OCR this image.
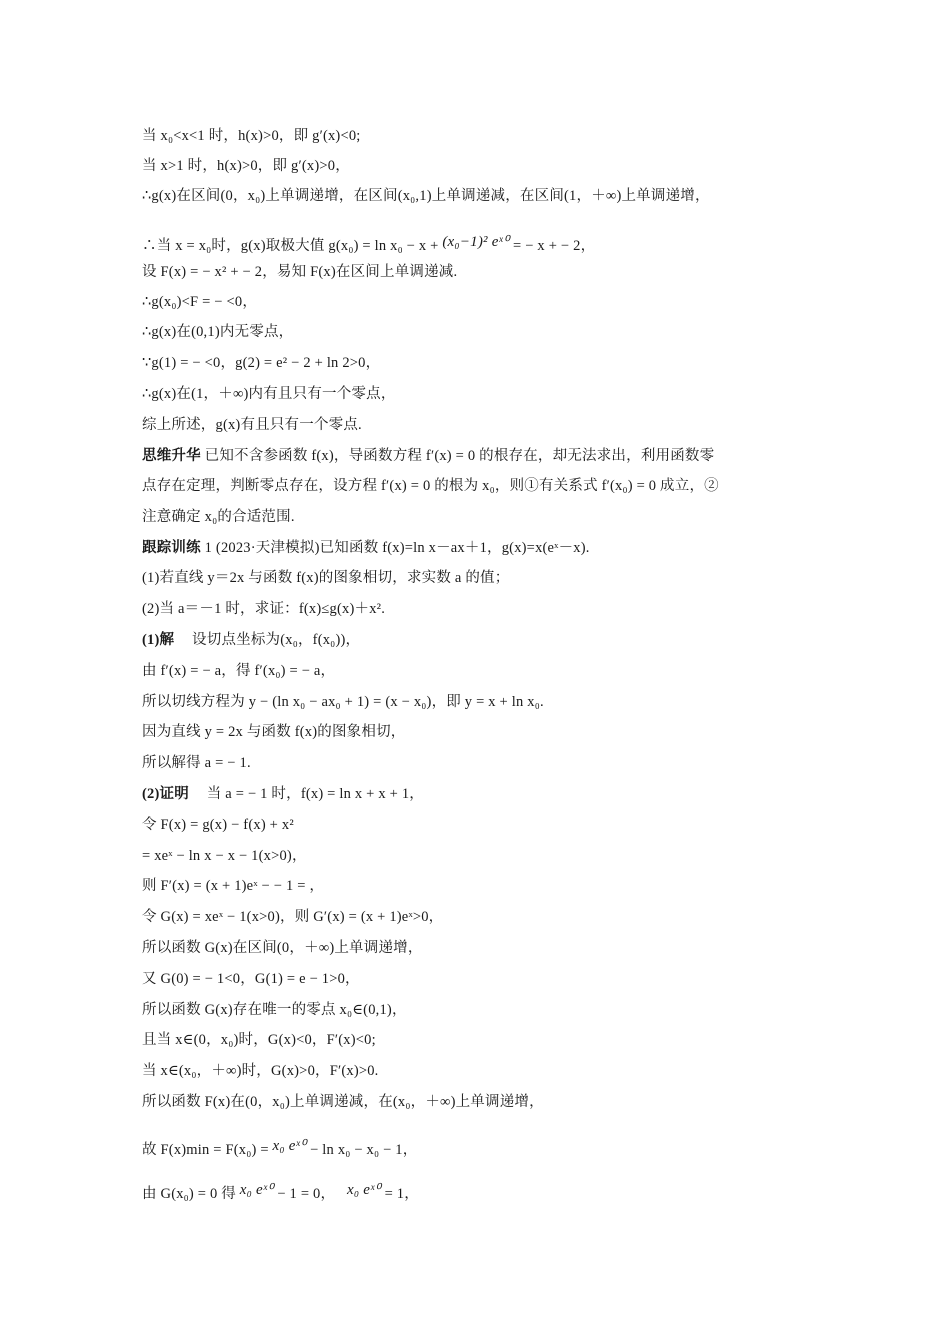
当 x₀<x<1 时，h(x)>0，即 g′(x)<0;
当 x>1 时，h(x)>0，即 g′(x)>0，
∴g(x)在区间(0，x₀)上单调递增，在区间(x₀,1)上单调递减，在区间(1，＋∞)上单调递增，
∴当 x = x₀时，g(x)取极大值 g(x₀) = ln x₀ − x + (x₀−1)² eˣ⁰ = − x + − 2，
设 F(x) = − x² + − 2，易知 F(x)在区间上单调递减.
∴g(x₀)<F = − <0，
∴g(x)在(0,1)内无零点，
∵g(1) = − <0，g(2) = e² − 2 + ln 2>0，
∴g(x)在(1，＋∞)内有且只有一个零点，
综上所述，g(x)有且只有一个零点.
思维升华 已知不含参函数 f(x)，导函数方程 f′(x) = 0 的根存在，却无法求出，利用函数零
点存在定理，判断零点存在，设方程 f′(x) = 0 的根为 x₀，则①有关系式 f′(x₀) = 0 成立，②
注意确定 x₀的合适范围.
跟踪训练 1 (2023·天津模拟)已知函数 f(x)=ln x－ax＋1，g(x)=x(eˣ－x).
(1)若直线 y＝2x 与函数 f(x)的图象相切，求实数 a 的值；
(2)当 a＝－1 时，求证：f(x)≤g(x)＋x².
(1)解 设切点坐标为(x₀，f(x₀))，
由 f′(x) = − a，得 f′(x₀) = − a，
所以切线方程为 y − (ln x₀ − ax₀ + 1) = (x − x₀)，即 y = x + ln x₀.
因为直线 y = 2x 与函数 f(x)的图象相切，
所以解得 a = − 1.
(2)证明 当 a = − 1 时，f(x) = ln x + x + 1，
令 F(x) = g(x) − f(x) + x²
= xeˣ − ln x − x − 1(x>0)，
则 F′(x) = (x + 1)eˣ − − 1 = ，
令 G(x) = xeˣ − 1(x>0)，则 G′(x) = (x + 1)eˣ>0，
所以函数 G(x)在区间(0，＋∞)上单调递增，
又 G(0) = − 1<0，G(1) = e − 1>0，
所以函数 G(x)存在唯一的零点 x₀∈(0,1)，
且当 x∈(0，x₀)时，G(x)<0，F′(x)<0;
当 x∈(x₀，＋∞)时，G(x)>0，F′(x)>0.
所以函数 F(x)在(0，x₀)上单调递减，在(x₀，＋∞)上单调递增，
故 F(x)min = F(x₀) = x₀ eˣ⁰ − ln x₀ − x₀ − 1，
由 G(x₀) = 0 得 x₀ eˣ⁰ − 1 = 0， x₀ eˣ⁰ = 1，
